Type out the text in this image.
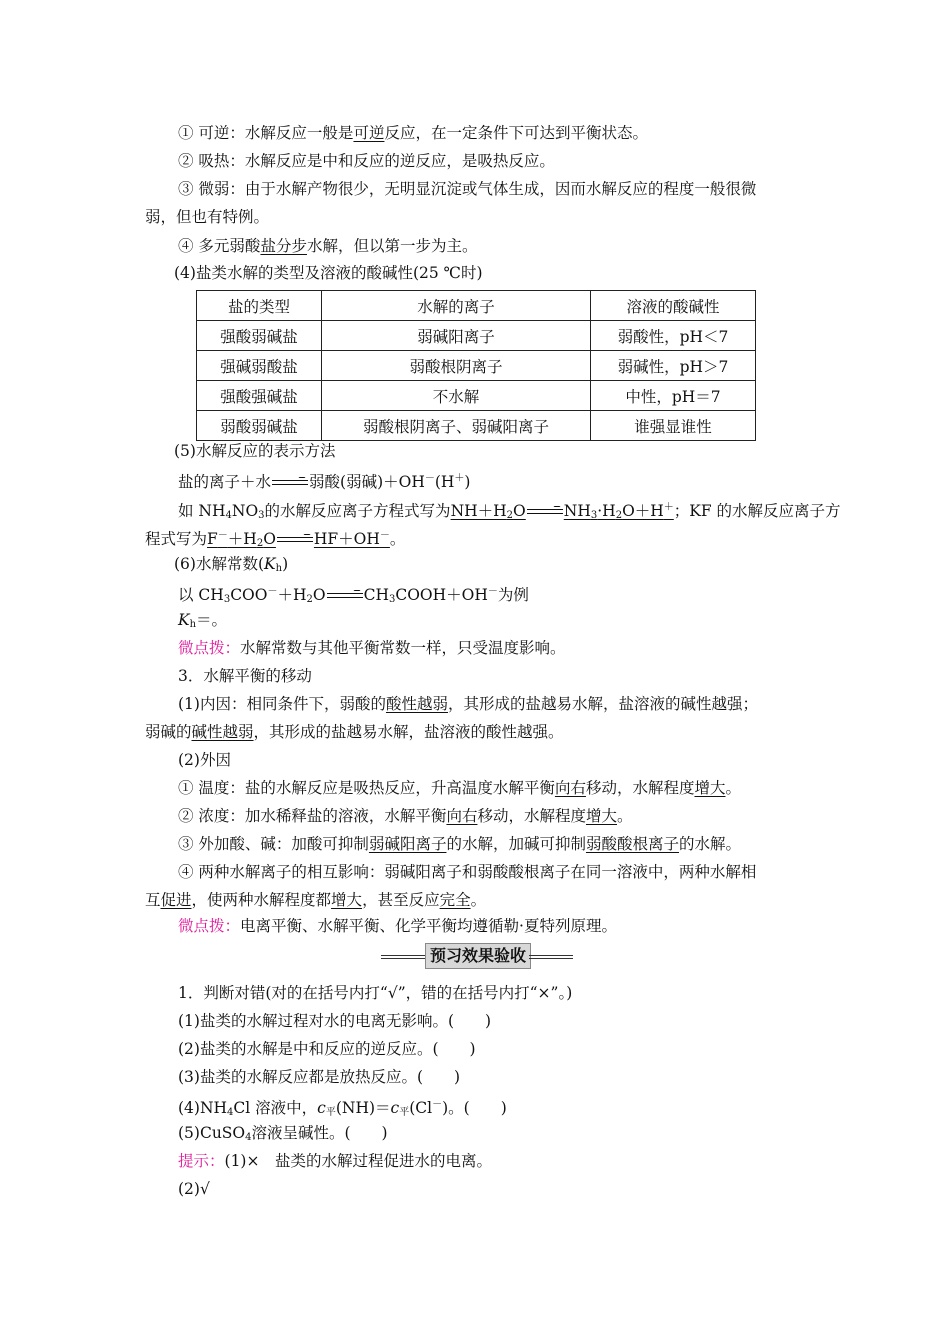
① 可逆：水解反应一般是可逆反应，在一定条件下可达到平衡状态。
② 吸热：水解反应是中和反应的逆反应，是吸热反应。
③ 微弱：由于水解产物很少，无明显沉淀或气体生成，因而水解反应的程度一般很微
弱，但也有特例。
④ 多元弱酸盐分步水解，但以第一步为主。
(4)盐类水解的类型及溶液的酸碱性(25 ℃时)
盐的类型	水解的离子	溶液的酸碱性
强酸弱碱盐	弱碱阳离子	弱酸性，pH＜7
强碱弱酸盐	弱酸根阴离子	弱碱性，pH＞7
强酸强碱盐	不水解	中性，pH＝7
弱酸弱碱盐	弱酸根阴离子、弱碱阳离子	谁强显谁性
(5)水解反应的表示方法
盐的离子＋水→弱酸(弱碱)＋OH－(H＋)
如 $NH_4NO_3$的水解反应离子方程式写为$NH+H_2O\to NH_3\cdot H_2O+H^+$；KF 的水解反应离子方
程式写为$F^-+H_2O\to HF+OH^-$。
(6)水解常数$(K_h)$
以 $CH_3COO^-+H_2O\to CH_3COOH+OH^-$为例
$K_h=$。
微点拨：水解常数与其他平衡常数一样，只受温度影响。
3．水解平衡的移动
(1)内因：相同条件下，弱酸的酸性越弱，其形成的盐越易水解，盐溶液的碱性越强；
弱碱的碱性越弱，其形成的盐越易水解，盐溶液的酸性越强。
(2)外因
① 温度：盐的水解反应是吸热反应，升高温度水解平衡向右移动，水解程度增大。
② 浓度：加水稀释盐的溶液，水解平衡向右移动，水解程度增大。
③ 外加酸、碱：加酸可抑制弱碱阳离子的水解，加碱可抑制弱酸酸根离子的水解。
④ 两种水解离子的相互影响：弱碱阳离子和弱酸酸根离子在同一溶液中，两种水解相
互促进，使两种水解程度都增大，甚至反应完全。
微点拨：电离平衡、水解平衡、化学平衡均遵循勒·夏特列原理。
预习效果验收
1．判断对错(对的在括号内打“√”，错的在括号内打“×”。)
(1)盐类的水解过程对水的电离无影响。(　　)
(2)盐类的水解是中和反应的逆反应。(　　)
(3)盐类的水解反应都是放热反应。(　　)
$(4)NH_4Cl$ 溶液中，$c_平(NH)=c_平(Cl^-)$。(　　)
(5)CuSO$_4$溶液呈碱性。(　　)
提示：(1)×　盐类的水解过程促进水的电离。
(2)√
